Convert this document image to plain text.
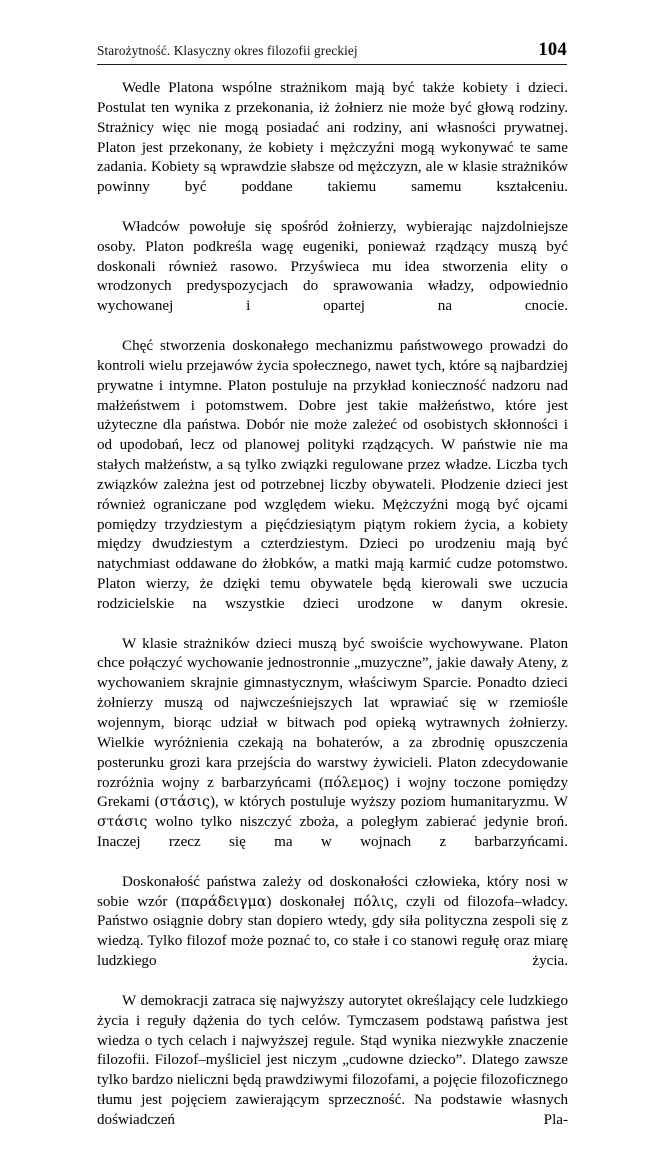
Starożytność. Klasyczny okres filozofii greckiej	104

Wedle Platona wspólne strażnikom mają być także kobiety i dzieci. Postulat ten wynika z przekonania, iż żołnierz nie może być głową rodziny. Strażnicy więc nie mogą posiadać ani rodziny, ani własności prywatnej. Platon jest przekonany, że kobiety i mężczyźni mogą wykonywać te same zadania. Kobiety są wprawdzie słabsze od mężczyzn, ale w klasie strażników powinny być poddane takiemu samemu kształceniu.

Władców powołuje się spośród żołnierzy, wybierając najzdolniejsze osoby. Platon podkreśla wagę eugeniki, ponieważ rządzący muszą być doskonali również rasowo. Przyświeca mu idea stworzenia elity o wrodzonych predyspozycjach do sprawowania władzy, odpowiednio wychowanej i opartej na cnocie.

Chęć stworzenia doskonałego mechanizmu państwowego prowadzi do kontroli wielu przejawów życia społecznego, nawet tych, które są najbardziej prywatne i intymne. Platon postuluje na przykład konieczność nadzoru nad małżeństwem i potomstwem. Dobre jest takie małżeństwo, które jest użyteczne dla państwa. Dobór nie może zależeć od osobistych skłonności i od upodobań, lecz od planowej polityki rządzących. W państwie nie ma stałych małżeństw, a są tylko związki regulowane przez władze. Liczba tych związków zależna jest od potrzebnej liczby obywateli. Płodzenie dzieci jest również ograniczane pod względem wieku. Mężczyźni mogą być ojcami pomiędzy trzydziestym a pięćdziesiątym piątym rokiem życia, a kobiety między dwudziestym a czterdziestym. Dzieci po urodzeniu mają być natychmiast oddawane do żłobków, a matki mają karmić cudze potomstwo. Platon wierzy, że dzięki temu obywatele będą kierowali swe uczucia rodzicielskie na wszystkie dzieci urodzone w danym okresie.

W klasie strażników dzieci muszą być swoiście wychowywane. Platon chce połączyć wychowanie jednostronnie „muzyczne”, jakie dawały Ateny, z wychowaniem skrajnie gimnastycznym, właściwym Sparcie. Ponadto dzieci żołnierzy muszą od najwcześniejszych lat wprawiać się w rzemiośle wojennym, biorąc udział w bitwach pod opieką wytrawnych żołnierzy. Wielkie wyróżnienia czekają na bohaterów, a za zbrodnię opuszczenia posterunku grozi kara przejścia do warstwy żywicieli. Platon zdecydowanie rozróżnia wojny z barbarzyńcami (πόλεμος) i wojny toczone pomiędzy Grekami (στάσις), w których postuluje wyższy poziom humanitaryzmu. W στάσις wolno tylko niszczyć zboża, a poległym zabierać jedynie broń. Inaczej rzecz się ma w wojnach z barbarzyńcami.

Doskonałość państwa zależy od doskonałości człowieka, który nosi w sobie wzór (παράδειγμα) doskonałej πόλις, czyli od filozofa–władcy. Państwo osiągnie dobry stan dopiero wtedy, gdy siła polityczna zespoli się z wiedzą. Tylko filozof może poznać to, co stałe i co stanowi regułę oraz miarę ludzkiego życia.

W demokracji zatraca się najwyższy autorytet określający cele ludzkiego życia i reguły dążenia do tych celów. Tymczasem podstawą państwa jest wiedza o tych celach i najwyższej regule. Stąd wynika niezwykłe znaczenie filozofii. Filozof–myśliciel jest niczym „cudowne dziecko”. Dlatego zawsze tylko bardzo nieliczni będą prawdziwymi filozofami, a pojęcie filozoficznego tłumu jest pojęciem zawierającym sprzeczność. Na podstawie własnych doświadczeń Pla-
